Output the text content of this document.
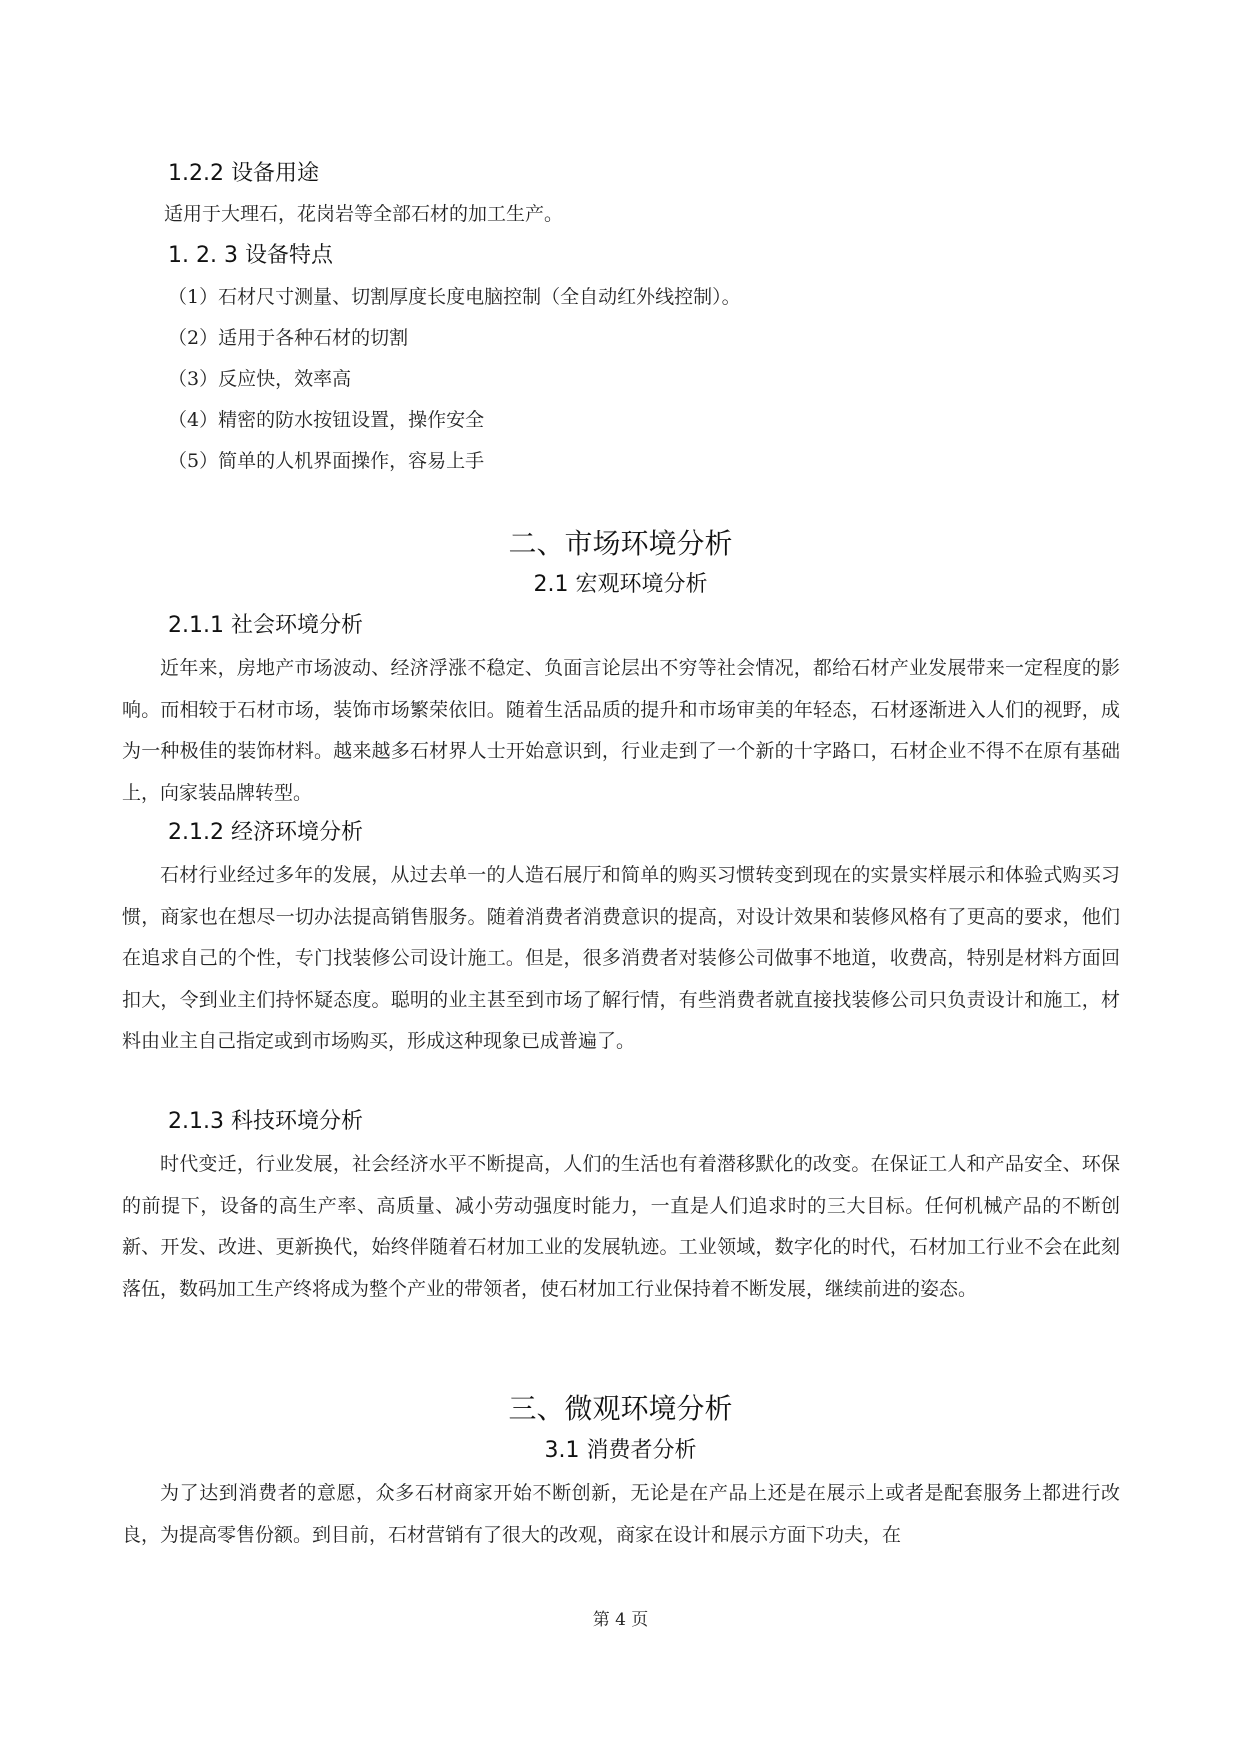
1.2.2 设备用途
适用于大理石，花岗岩等全部石材的加工生产。
1. 2. 3 设备特点
（1）石材尺寸测量、切割厚度长度电脑控制（全自动红外线控制）。
（2）适用于各种石材的切割
（3）反应快，效率高
（4）精密的防水按钮设置，操作安全
（5）简单的人机界面操作，容易上手
二、市场环境分析
2.1 宏观环境分析
2.1.1 社会环境分析

近年来，房地产市场波动、经济浮涨不稳定、负面言论层出不穷等社会情况，都给石材产业发展带来一定程度的影响。而相较于石材市场，装饰市场繁荣依旧。随着生活品质的提升和市场审美的年轻态，石材逐渐进入人们的视野，成为一种极佳的装饰材料。越来越多石材界人士开始意识到，行业走到了一个新的十字路口，石材企业不得不在原有基础上，向家装品牌转型。

2.1.2 经济环境分析

石材行业经过多年的发展，从过去单一的人造石展厅和简单的购买习惯转变到现在的实景实样展示和体验式购买习惯，商家也在想尽一切办法提高销售服务。随着消费者消费意识的提高，对设计效果和装修风格有了更高的要求，他们在追求自己的个性，专门找装修公司设计施工。但是，很多消费者对装修公司做事不地道，收费高，特别是材料方面回扣大，令到业主们持怀疑态度。聪明的业主甚至到市场了解行情，有些消费者就直接找装修公司只负责设计和施工，材料由业主自己指定或到市场购买，形成这种现象已成普遍了。

2.1.3 科技环境分析

时代变迁，行业发展，社会经济水平不断提高，人们的生活也有着潜移默化的改变。在保证工人和产品安全、环保的前提下，设备的高生产率、高质量、减小劳动强度时能力，一直是人们追求时的三大目标。任何机械产品的不断创新、开发、改进、更新换代，始终伴随着石材加工业的发展轨迹。工业领域，数字化的时代，石材加工行业不会在此刻落伍，数码加工生产终将成为整个产业的带领者，使石材加工行业保持着不断发展，继续前进的姿态。

三、微观环境分析
3.1 消费者分析

为了达到消费者的意愿，众多石材商家开始不断创新，无论是在产品上还是在展示上或者是配套服务上都进行改良，为提高零售份额。到目前，石材营销有了很大的改观，商家在设计和展示方面下功夫，在

第 4 页
